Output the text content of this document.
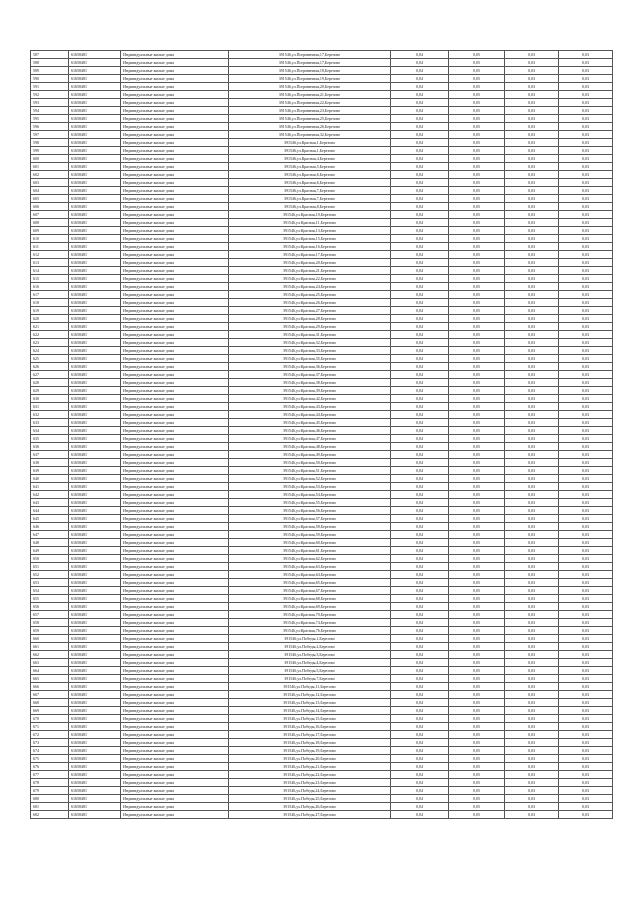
587	61658481	Индивидуальные жилые дома	391546,ул.Пограничная,17,Березово	0,04	0,05	0,03	0,03
588	61658481	Индивидуальные жилые дома	391546,ул.Пограничная,17,Березово	0,04	0,05	0,03	0,03
589	61658481	Индивидуальные жилые дома	391546,ул.Пограничная,18,Березово	0,04	0,05	0,03	0,03
590	61658481	Индивидуальные жилые дома	391546,ул.Пограничная,19,Березово	0,04	0,05	0,03	0,03
591	61658481	Индивидуальные жилые дома	391546,ул.Пограничная,20,Березово	0,04	0,05	0,03	0,03
592	61658481	Индивидуальные жилые дома	391546,ул.Пограничная,21,Березово	0,04	0,05	0,03	0,03
593	61658481	Индивидуальные жилые дома	391546,ул.Пограничная,22,Березово	0,04	0,05	0,03	0,03
594	61658481	Индивидуальные жилые дома	391546,ул.Пограничная,23,Березово	0,04	0,05	0,03	0,03
595	61658481	Индивидуальные жилые дома	391546,ул.Пограничная,25,Березово	0,04	0,05	0,03	0,03
596	61658481	Индивидуальные жилые дома	391546,ул.Пограничная,26,Березово	0,04	0,05	0,03	0,03
597	61658481	Индивидуальные жилые дома	391546,ул.Пограничная,32,Березово	0,04	0,05	0,03	0,03
598	61658481	Индивидуальные жилые дома	391546,ул.Красная,1,Березово	0,04	0,05	0,03	0,03
599	61658481	Индивидуальные жилые дома	391546,ул.Красная,1,Березово	0,04	0,05	0,03	0,03
600	61658481	Индивидуальные жилые дома	391546,ул.Красная,4,Березово	0,04	0,05	0,03	0,03
601	61658481	Индивидуальные жилые дома	391546,ул.Красная,5,Березово	0,04	0,05	0,03	0,03
602	61658481	Индивидуальные жилые дома	391546,ул.Красная,6,Березово	0,04	0,05	0,03	0,03
603	61658481	Индивидуальные жилые дома	391546,ул.Красная,6,Березово	0,04	0,05	0,03	0,03
604	61658481	Индивидуальные жилые дома	391546,ул.Красная,7,Березово	0,04	0,05	0,03	0,03
605	61658481	Индивидуальные жилые дома	391546,ул.Красная,7,Березово	0,04	0,05	0,03	0,03
606	61658481	Индивидуальные жилые дома	391546,ул.Красная,8,Березово	0,04	0,05	0,03	0,03
607	61658481	Индивидуальные жилые дома	391546,ул.Красная,10,Березово	0,04	0,05	0,03	0,03
608	61658481	Индивидуальные жилые дома	391546,ул.Красная,11,Березово	0,04	0,05	0,03	0,03
609	61658481	Индивидуальные жилые дома	391546,ул.Красная,13,Березово	0,04	0,05	0,03	0,03
610	61658481	Индивидуальные жилые дома	391546,ул.Красная,15,Березово	0,04	0,05	0,03	0,03
611	61658481	Индивидуальные жилые дома	391546,ул.Красная,16,Березово	0,04	0,05	0,03	0,03
612	61658481	Индивидуальные жилые дома	391546,ул.Красная,17,Березово	0,04	0,05	0,03	0,03
613	61658481	Индивидуальные жилые дома	391546,ул.Красная,20,Березово	0,04	0,05	0,03	0,03
614	61658481	Индивидуальные жилые дома	391546,ул.Красная,21,Березово	0,04	0,05	0,03	0,03
615	61658481	Индивидуальные жилые дома	391546,ул.Красная,22,Березово	0,04	0,05	0,03	0,03
616	61658481	Индивидуальные жилые дома	391546,ул.Красная,24,Березово	0,04	0,05	0,03	0,03
617	61658481	Индивидуальные жилые дома	391546,ул.Красная,25,Березово	0,04	0,05	0,03	0,03
618	61658481	Индивидуальные жилые дома	391546,ул.Красная,26,Березово	0,04	0,05	0,03	0,03
619	61658481	Индивидуальные жилые дома	391546,ул.Красная,27,Березово	0,04	0,05	0,03	0,03
620	61658481	Индивидуальные жилые дома	391546,ул.Красная,28,Березово	0,04	0,05	0,03	0,03
621	61658481	Индивидуальные жилые дома	391546,ул.Красная,29,Березово	0,04	0,05	0,03	0,03
622	61658481	Индивидуальные жилые дома	391546,ул.Красная,31,Березово	0,04	0,05	0,03	0,03
623	61658481	Индивидуальные жилые дома	391546,ул.Красная,32,Березово	0,04	0,05	0,03	0,03
624	61658481	Индивидуальные жилые дома	391546,ул.Красная,33,Березово	0,04	0,05	0,03	0,03
625	61658481	Индивидуальные жилые дома	391546,ул.Красная,35,Березово	0,04	0,05	0,03	0,03
626	61658481	Индивидуальные жилые дома	391546,ул.Красная,36,Березово	0,04	0,05	0,03	0,03
627	61658481	Индивидуальные жилые дома	391546,ул.Красная,37,Березово	0,04	0,05	0,03	0,03
628	61658481	Индивидуальные жилые дома	391546,ул.Красная,38,Березово	0,04	0,05	0,03	0,03
629	61658481	Индивидуальные жилые дома	391546,ул.Красная,39,Березово	0,04	0,05	0,03	0,03
630	61658481	Индивидуальные жилые дома	391546,ул.Красная,42,Березово	0,04	0,05	0,03	0,03
631	61658481	Индивидуальные жилые дома	391546,ул.Красная,43,Березово	0,04	0,05	0,03	0,03
632	61658481	Индивидуальные жилые дома	391546,ул.Красная,44,Березово	0,04	0,05	0,03	0,03
633	61658481	Индивидуальные жилые дома	391546,ул.Красная,45,Березово	0,04	0,05	0,03	0,03
634	61658481	Индивидуальные жилые дома	391546,ул.Красная,46,Березово	0,04	0,05	0,03	0,03
635	61658481	Индивидуальные жилые дома	391546,ул.Красная,47,Березово	0,04	0,05	0,03	0,03
636	61658481	Индивидуальные жилые дома	391546,ул.Красная,48,Березово	0,04	0,05	0,03	0,03
637	61658481	Индивидуальные жилые дома	391546,ул.Красная,49,Березово	0,04	0,05	0,03	0,03
638	61658481	Индивидуальные жилые дома	391546,ул.Красная,50,Березово	0,04	0,05	0,03	0,03
639	61658481	Индивидуальные жилые дома	391546,ул.Красная,51,Березово	0,04	0,05	0,03	0,03
640	61658481	Индивидуальные жилые дома	391546,ул.Красная,52,Березово	0,04	0,05	0,03	0,03
641	61658481	Индивидуальные жилые дома	391546,ул.Красная,53,Березово	0,04	0,05	0,03	0,03
642	61658481	Индивидуальные жилые дома	391546,ул.Красная,54,Березово	0,04	0,05	0,03	0,03
643	61658481	Индивидуальные жилые дома	391546,ул.Красная,55,Березово	0,04	0,05	0,03	0,03
644	61658481	Индивидуальные жилые дома	391546,ул.Красная,56,Березово	0,04	0,05	0,03	0,03
645	61658481	Индивидуальные жилые дома	391546,ул.Красная,57,Березово	0,04	0,05	0,03	0,03
646	61658481	Индивидуальные жилые дома	391546,ул.Красная,58,Березово	0,04	0,05	0,03	0,03
647	61658481	Индивидуальные жилые дома	391546,ул.Красная,59,Березово	0,04	0,05	0,03	0,03
648	61658481	Индивидуальные жилые дома	391546,ул.Красная,60,Березово	0,04	0,05	0,03	0,03
649	61658481	Индивидуальные жилые дома	391546,ул.Красная,61,Березово	0,04	0,05	0,03	0,03
650	61658481	Индивидуальные жилые дома	391546,ул.Красная,62,Березово	0,04	0,05	0,03	0,03
651	61658481	Индивидуальные жилые дома	391546,ул.Красная,63,Березово	0,04	0,05	0,03	0,03
652	61658481	Индивидуальные жилые дома	391546,ул.Красная,64,Березово	0,04	0,05	0,03	0,03
653	61658481	Индивидуальные жилые дома	391546,ул.Красная,65,Березово	0,04	0,05	0,03	0,03
654	61658481	Индивидуальные жилые дома	391546,ул.Красная,67,Березово	0,04	0,05	0,03	0,03
655	61658481	Индивидуальные жилые дома	391546,ул.Красная,68,Березово	0,04	0,05	0,03	0,03
656	61658481	Индивидуальные жилые дома	391546,ул.Красная,69,Березово	0,04	0,05	0,03	0,03
657	61658481	Индивидуальные жилые дома	391546,ул.Красная,70,Березово	0,04	0,05	0,03	0,03
658	61658481	Индивидуальные жилые дома	391546,ул.Красная,74,Березово	0,04	0,05	0,03	0,03
659	61658481	Индивидуальные жилые дома	391546,ул.Красная,76,Березово	0,04	0,05	0,03	0,03
660	61658481	Индивидуальные жилые дома	391546,ул.Победы,1,Березово	0,04	0,05	0,03	0,03
661	61658481	Индивидуальные жилые дома	391546,ул.Победы,2,Березово	0,04	0,05	0,03	0,03
662	61658481	Индивидуальные жилые дома	391546,ул.Победы,3,Березово	0,04	0,05	0,03	0,03
663	61658481	Индивидуальные жилые дома	391546,ул.Победы,4,Березово	0,04	0,05	0,03	0,03
664	61658481	Индивидуальные жилые дома	391546,ул.Победы,5,Березово	0,04	0,05	0,03	0,03
665	61658481	Индивидуальные жилые дома	391546,ул.Победы,7,Березово	0,04	0,05	0,03	0,03
666	61658481	Индивидуальные жилые дома	391546,ул.Победы,11,Березово	0,04	0,05	0,03	0,03
667	61658481	Индивидуальные жилые дома	391546,ул.Победы,12,Березово	0,04	0,05	0,03	0,03
668	61658481	Индивидуальные жилые дома	391546,ул.Победы,13,Березово	0,04	0,05	0,03	0,03
669	61658481	Индивидуальные жилые дома	391546,ул.Победы,14,Березово	0,04	0,05	0,03	0,03
670	61658481	Индивидуальные жилые дома	391546,ул.Победы,15,Березово	0,04	0,05	0,03	0,03
671	61658481	Индивидуальные жилые дома	391546,ул.Победы,16,Березово	0,04	0,05	0,03	0,03
672	61658481	Индивидуальные жилые дома	391546,ул.Победы,17,Березово	0,04	0,05	0,03	0,03
673	61658481	Индивидуальные жилые дома	391546,ул.Победы,18,Березово	0,04	0,05	0,03	0,03
674	61658481	Индивидуальные жилые дома	391546,ул.Победы,19,Березово	0,04	0,05	0,03	0,03
675	61658481	Индивидуальные жилые дома	391546,ул.Победы,20,Березово	0,04	0,05	0,03	0,03
676	61658481	Индивидуальные жилые дома	391546,ул.Победы,21,Березово	0,04	0,05	0,03	0,03
677	61658481	Индивидуальные жилые дома	391546,ул.Победы,22,Березово	0,04	0,05	0,03	0,03
678	61658481	Индивидуальные жилые дома	391546,ул.Победы,23,Березово	0,04	0,05	0,03	0,03
679	61658481	Индивидуальные жилые дома	391546,ул.Победы,24,Березово	0,04	0,05	0,03	0,03
680	61658481	Индивидуальные жилые дома	391546,ул.Победы,25,Березово	0,04	0,05	0,03	0,03
681	61658481	Индивидуальные жилые дома	391546,ул.Победы,26,Березово	0,04	0,05	0,03	0,03
682	61658481	Индивидуальные жилые дома	391546,ул.Победы,27,Березово	0,04	0,05	0,03	0,03
